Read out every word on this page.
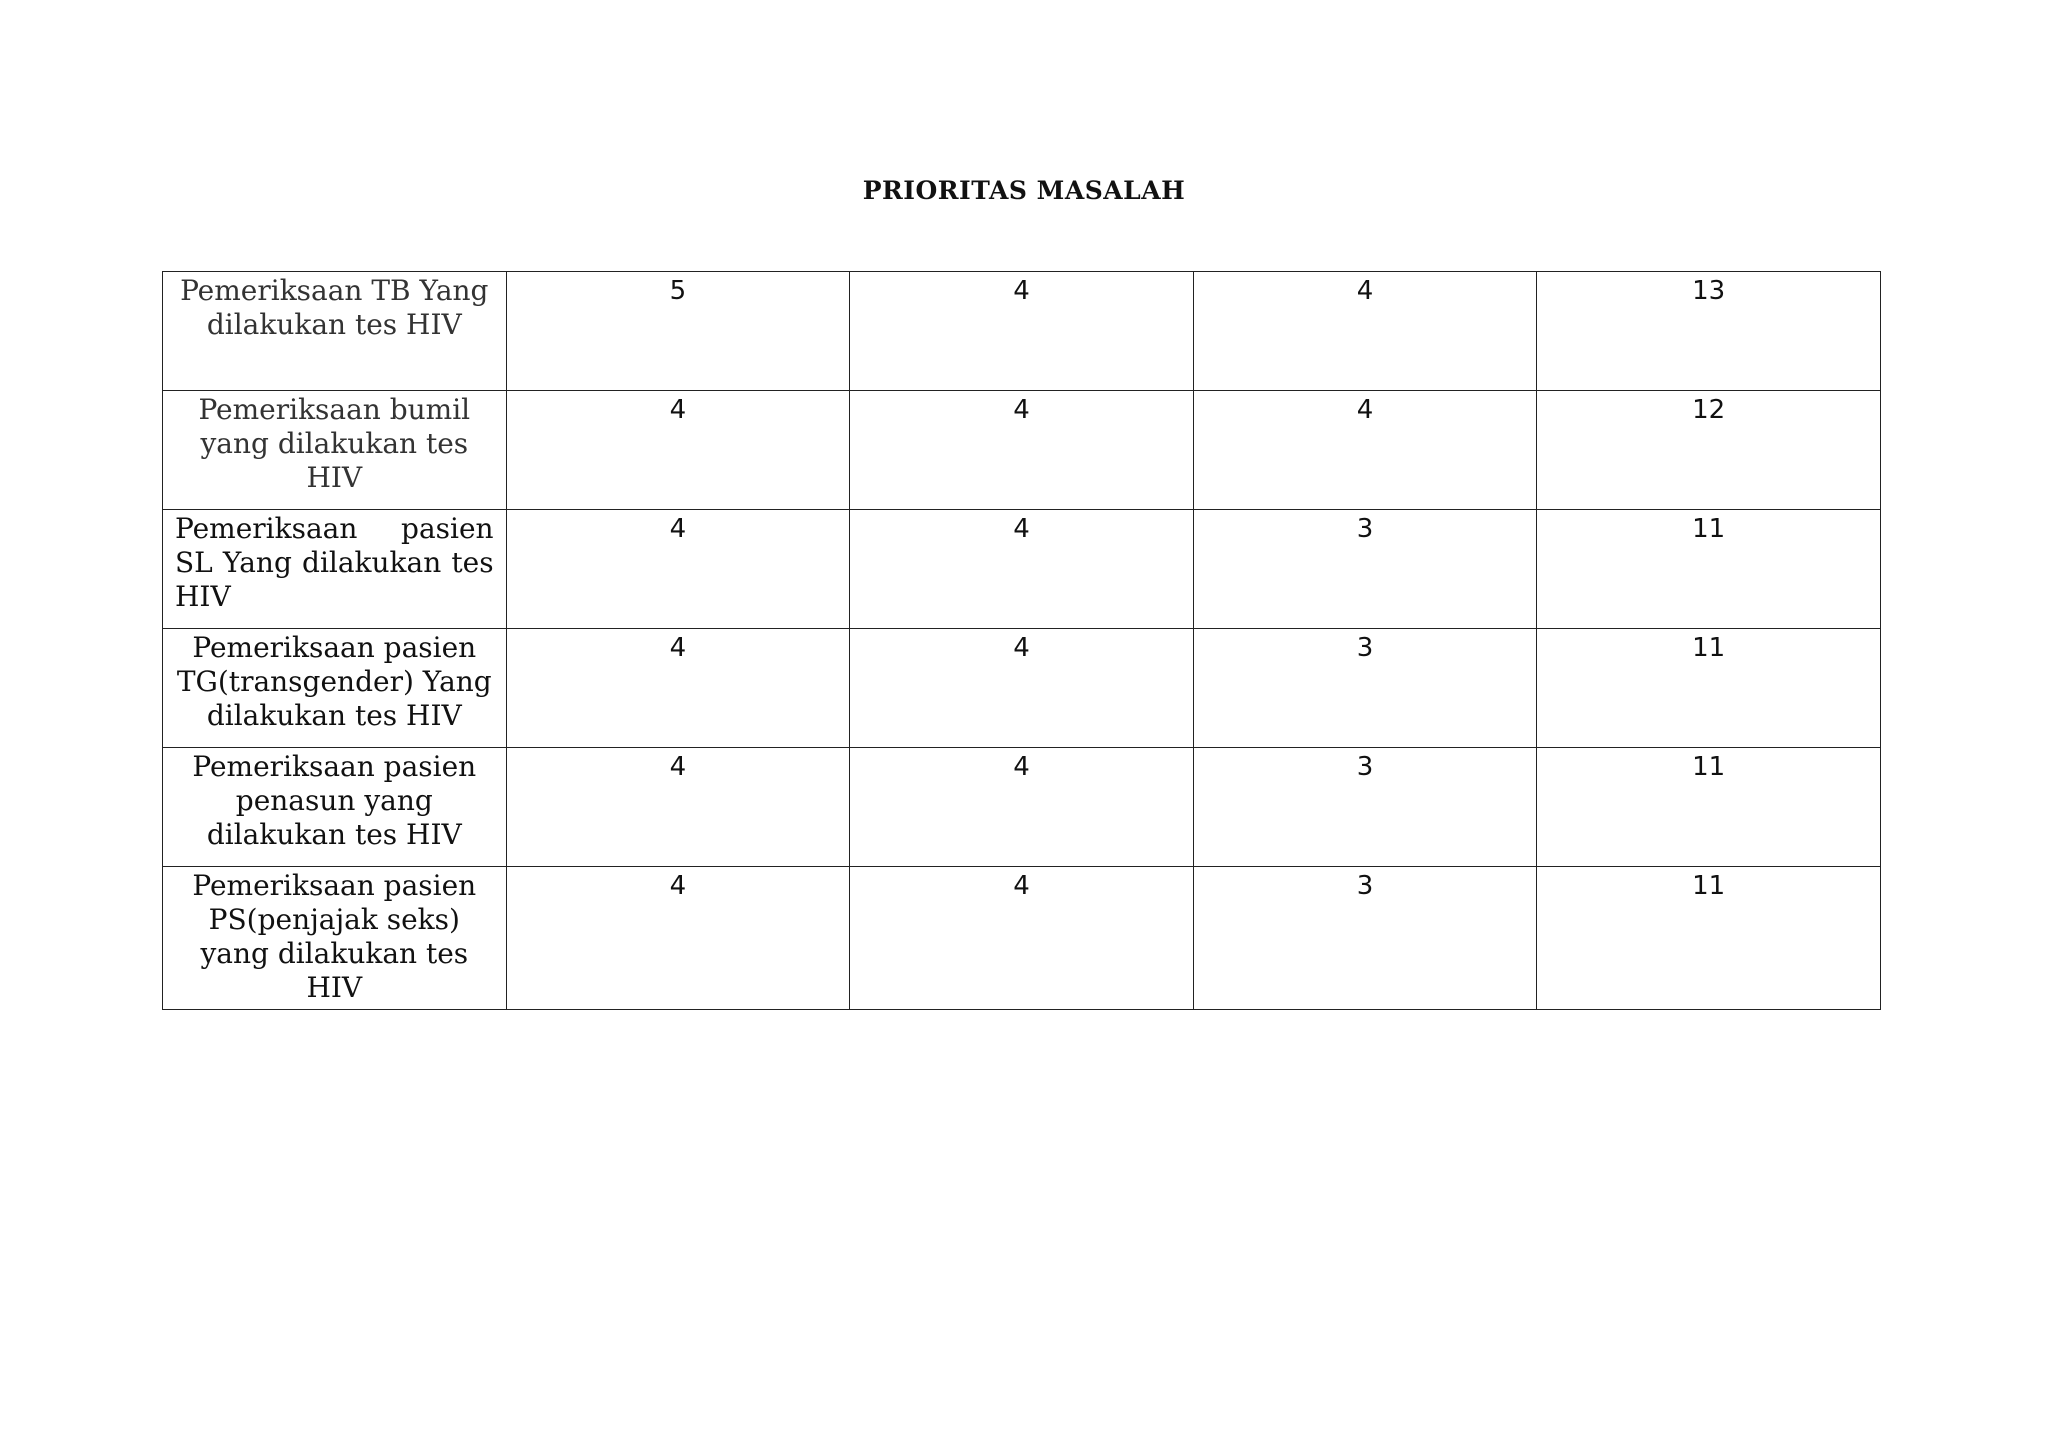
PRIORITAS MASALAH
Pemeriksaan TB Yang dilakukan tes HIV	5	4	4	13
Pemeriksaan bumil yang dilakukan tes HIV	4	4	4	12
Pemeriksaan pasien SL Yang dilakukan tes HIV	4	4	3	11
Pemeriksaan pasien TG(transgender) Yang dilakukan tes HIV	4	4	3	11
Pemeriksaan pasien penasun yang dilakukan tes HIV	4	4	3	11
Pemeriksaan pasien PS(penjajak seks) yang dilakukan tes HIV	4	4	3	11
